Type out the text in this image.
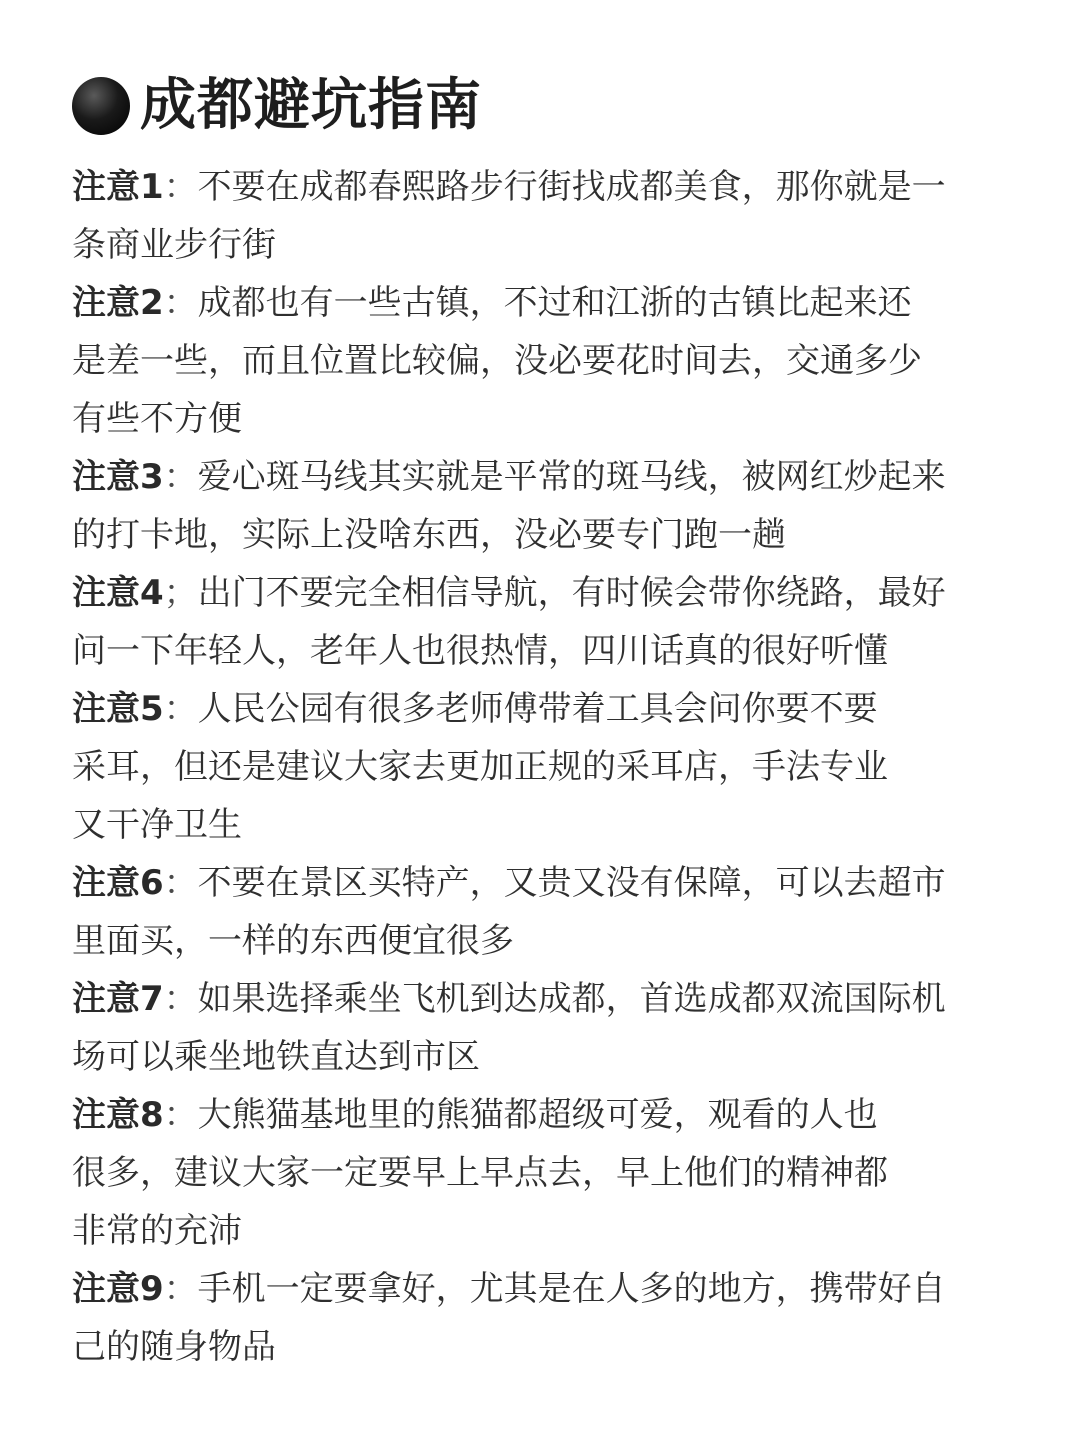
成都避坑指南
注意1：不要在成都春熙路步行街找成都美食，那你就是一
条商业步行街
注意2：成都也有一些古镇，不过和江浙的古镇比起来还
是差一些，而且位置比较偏，没必要花时间去，交通多少
有些不方便
注意3：爱心斑马线其实就是平常的斑马线，被网红炒起来
的打卡地，实际上没啥东西，没必要专门跑一趟
注意4；出门不要完全相信导航，有时候会带你绕路，最好
问一下年轻人，老年人也很热情，四川话真的很好听懂
注意5：人民公园有很多老师傅带着工具会问你要不要
采耳，但还是建议大家去更加正规的采耳店，手法专业
又干净卫生
注意6：不要在景区买特产，又贵又没有保障，可以去超市
里面买，一样的东西便宜很多
注意7：如果选择乘坐飞机到达成都，首选成都双流国际机
场可以乘坐地铁直达到市区
注意8：大熊猫基地里的熊猫都超级可爱，观看的人也
很多，建议大家一定要早上早点去，早上他们的精神都
非常的充沛
注意9：手机一定要拿好，尤其是在人多的地方，携带好自
己的随身物品
